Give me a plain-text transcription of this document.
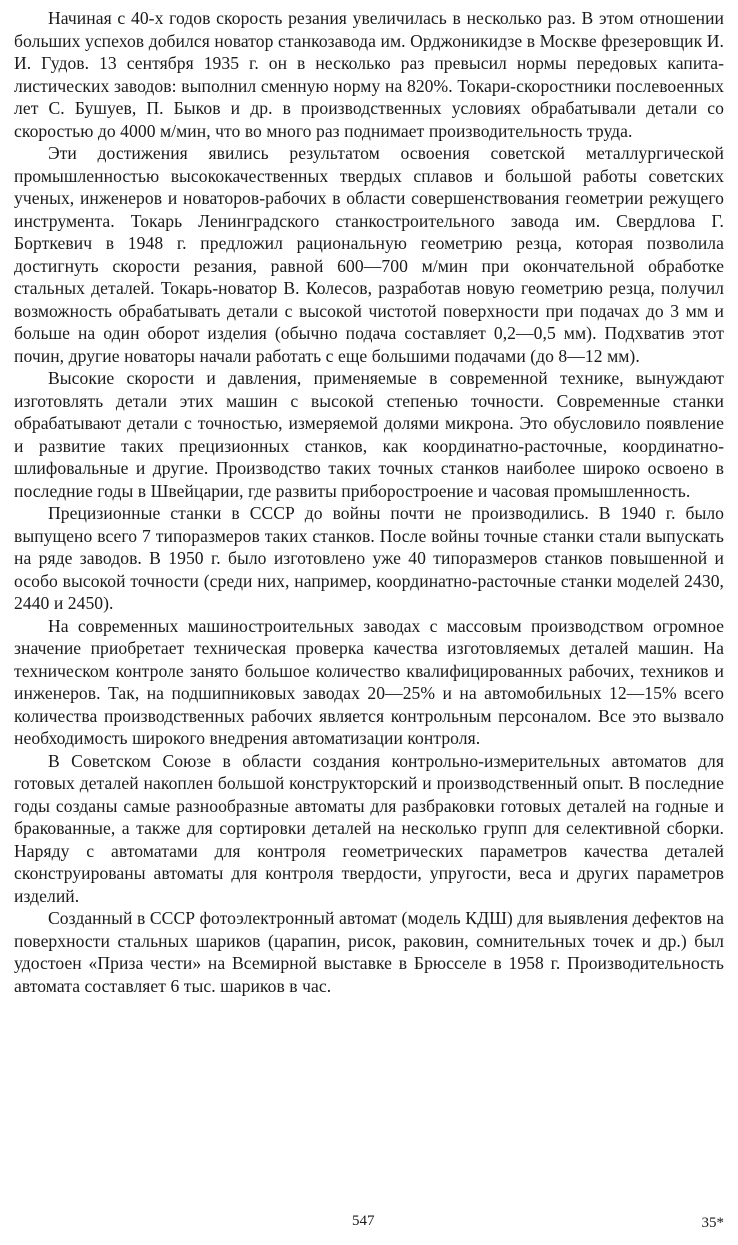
Начиная с 40-х годов скорость резания увеличилась в несколько раз. В этом отношении больших успехов добился новатор станкозавода им. Орджоникидзе в Москве фрезеровщик И. И. Гудов. 13 сентября 1935 г. он в несколько раз превысил нормы передовых капиталистических заводов: выполнил сменную норму на 820%. Токари-скоростники послевоенных лет С. Бушуев, П. Быков и др. в производственных условиях обрабатывали детали со скоростью до 4000 м/мин, что во много раз поднимает производительность труда.

Эти достижения явились результатом освоения советской металлургической промышленностью высококачественных твердых сплавов и большой работы советских ученых, инженеров и новаторов-рабочих в области совершенствования геометрии режущего инструмента. Токарь Ленинградского станкостроительного завода им. Свердлова Г. Борткевич в 1948 г. предложил рациональную геометрию резца, которая позволила достигнуть скорости резания, равной 600—700 м/мин при окончательной обработке стальных деталей. Токарь-новатор В. Колесов, разработав новую геометрию резца, получил возможность обрабатывать детали с высокой чистотой поверхности при подачах до 3 мм и больше на один оборот изделия (обычно подача составляет 0,2—0,5 мм). Подхватив этот почин, другие новаторы начали работать с еще большими подачами (до 8—12 мм).

Высокие скорости и давления, применяемые в современной технике, вынуждают изготовлять детали этих машин с высокой степенью точности. Современные станки обрабатывают детали с точностью, измеряемой долями микрона. Это обусловило появление и развитие таких прецизионных станков, как координатно-расточные, координатно-шлифовальные и другие. Производство таких точных станков наиболее широко освоено в последние годы в Швейцарии, где развиты приборостроение и часовая промышленность.

Прецизионные станки в СССР до войны почти не производились. В 1940 г. было выпущено всего 7 типоразмеров таких станков. После войны точные станки стали выпускать на ряде заводов. В 1950 г. было изготовлено уже 40 типоразмеров станков повышенной и особо высокой точности (среди них, например, координатно-расточные станки моделей 2430, 2440 и 2450).

На современных машиностроительных заводах с массовым производством огромное значение приобретает техническая проверка качества изготовляемых деталей машин. На техническом контроле занято большое количество квалифицированных рабочих, техников и инженеров. Так, на подшипниковых заводах 20—25% и на автомобильных 12—15% всего количества производственных рабочих является контрольным персоналом. Все это вызвало необходимость широкого внедрения автоматизации контроля.

В Советском Союзе в области создания контрольно-измерительных автоматов для готовых деталей накоплен большой конструкторский и производственный опыт. В последние годы созданы самые разнообразные автоматы для разбраковки готовых деталей на годные и бракованные, а также для сортировки деталей на несколько групп для селективной сборки. Наряду с автоматами для контроля геометрических параметров качества деталей сконструированы автоматы для контроля твердости, упругости, веса и других параметров изделий.

Созданный в СССР фотоэлектронный автомат (модель КДШ) для выявления дефектов на поверхности стальных шариков (царапин, рисок, раковин, сомнительных точек и др.) был удостоен «Приза чести» на Всемирной выставке в Брюсселе в 1958 г. Производительность автомата составляет 6 тыс. шариков в час.

547	35*
